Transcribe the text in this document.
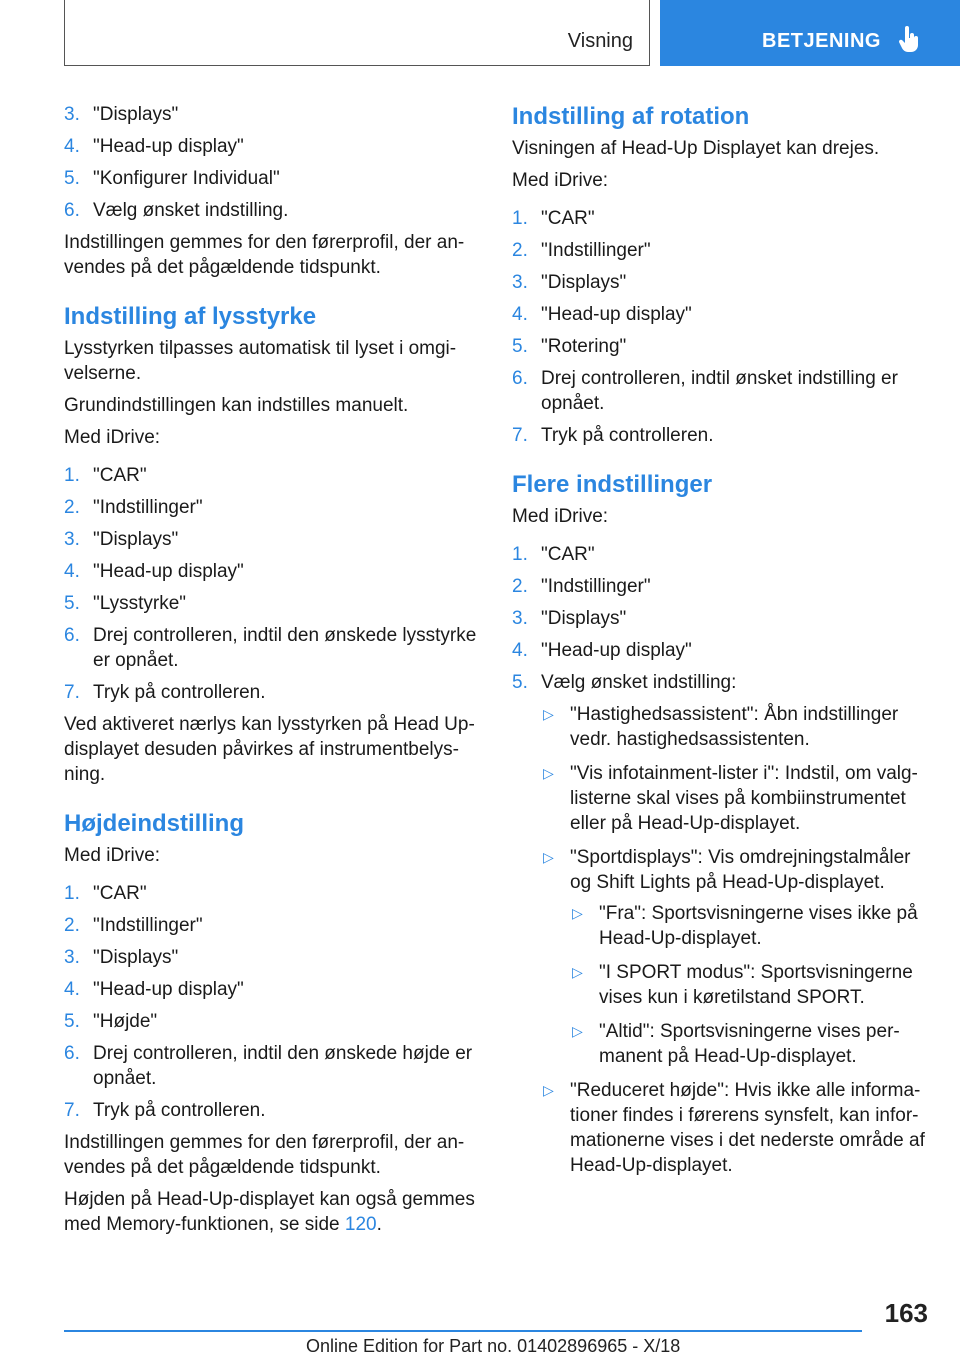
Visning	BETJENING
3. "Displays"
4. "Head-up display"
5. "Konfigurer Individual"
6. Vælg ønsket indstilling.

Indstillingen gemmes for den førerprofil, der an-vendes på det pågældende tidspunkt.

Indstilling af lysstyrke

Lysstyrken tilpasses automatisk til lyset i omgi-velserne.

Grundindstillingen kan indstilles manuelt.

Med iDrive:

1. "CAR"
2. "Indstillinger"
3. "Displays"
4. "Head-up display"
5. "Lysstyrke"
6. Drej controlleren, indtil den ønskede lysstyrke er opnået.
7. Tryk på controlleren.

Ved aktiveret nærlys kan lysstyrken på Head Up-displayet desuden påvirkes af instrumentbelys-ning.

Højdeindstilling

Med iDrive:

1. "CAR"
2. "Indstillinger"
3. "Displays"
4. "Head-up display"
5. "Højde"
6. Drej controlleren, indtil den ønskede højde er opnået.
7. Tryk på controlleren.

Indstillingen gemmes for den førerprofil, der an-vendes på det pågældende tidspunkt.

Højden på Head-Up-displayet kan også gemmes med Memory-funktionen, se side 120.

Indstilling af rotation

Visningen af Head-Up Displayet kan drejes.

Med iDrive:

1. "CAR"
2. "Indstillinger"
3. "Displays"
4. "Head-up display"
5. "Rotering"
6. Drej controlleren, indtil ønsket indstilling er opnået.
7. Tryk på controlleren.
Flere indstillinger

Med iDrive:

1. "CAR"
2. "Indstillinger"
3. "Displays"
4. "Head-up display"
5. Vælg ønsket indstilling:
▷ "Hastighedsassistent": Åbn indstillinger vedr. hastighedsassistenten.
▷ "Vis infotainment-lister i": Indstil, om valg-listerne skal vises på kombiinstrumentet eller på Head-Up-displayet.
▷ "Sportdisplays": Vis omdrejningstalmåler og Shift Lights på Head-Up-displayet.
▷ "Fra": Sportsvisningerne vises ikke på Head-Up-displayet.
▷ "I SPORT modus": Sportsvisningerne vises kun i køretilstand SPORT.
▷ "Altid": Sportsvisningerne vises per-manent på Head-Up-displayet.
▷ "Reduceret højde": Hvis ikke alle informa-tioner findes i førerens synsfelt, kan infor-mationerne vises i det nederste område af Head-Up-displayet.
163
Online Edition for Part no. 01402896965 - X/18
